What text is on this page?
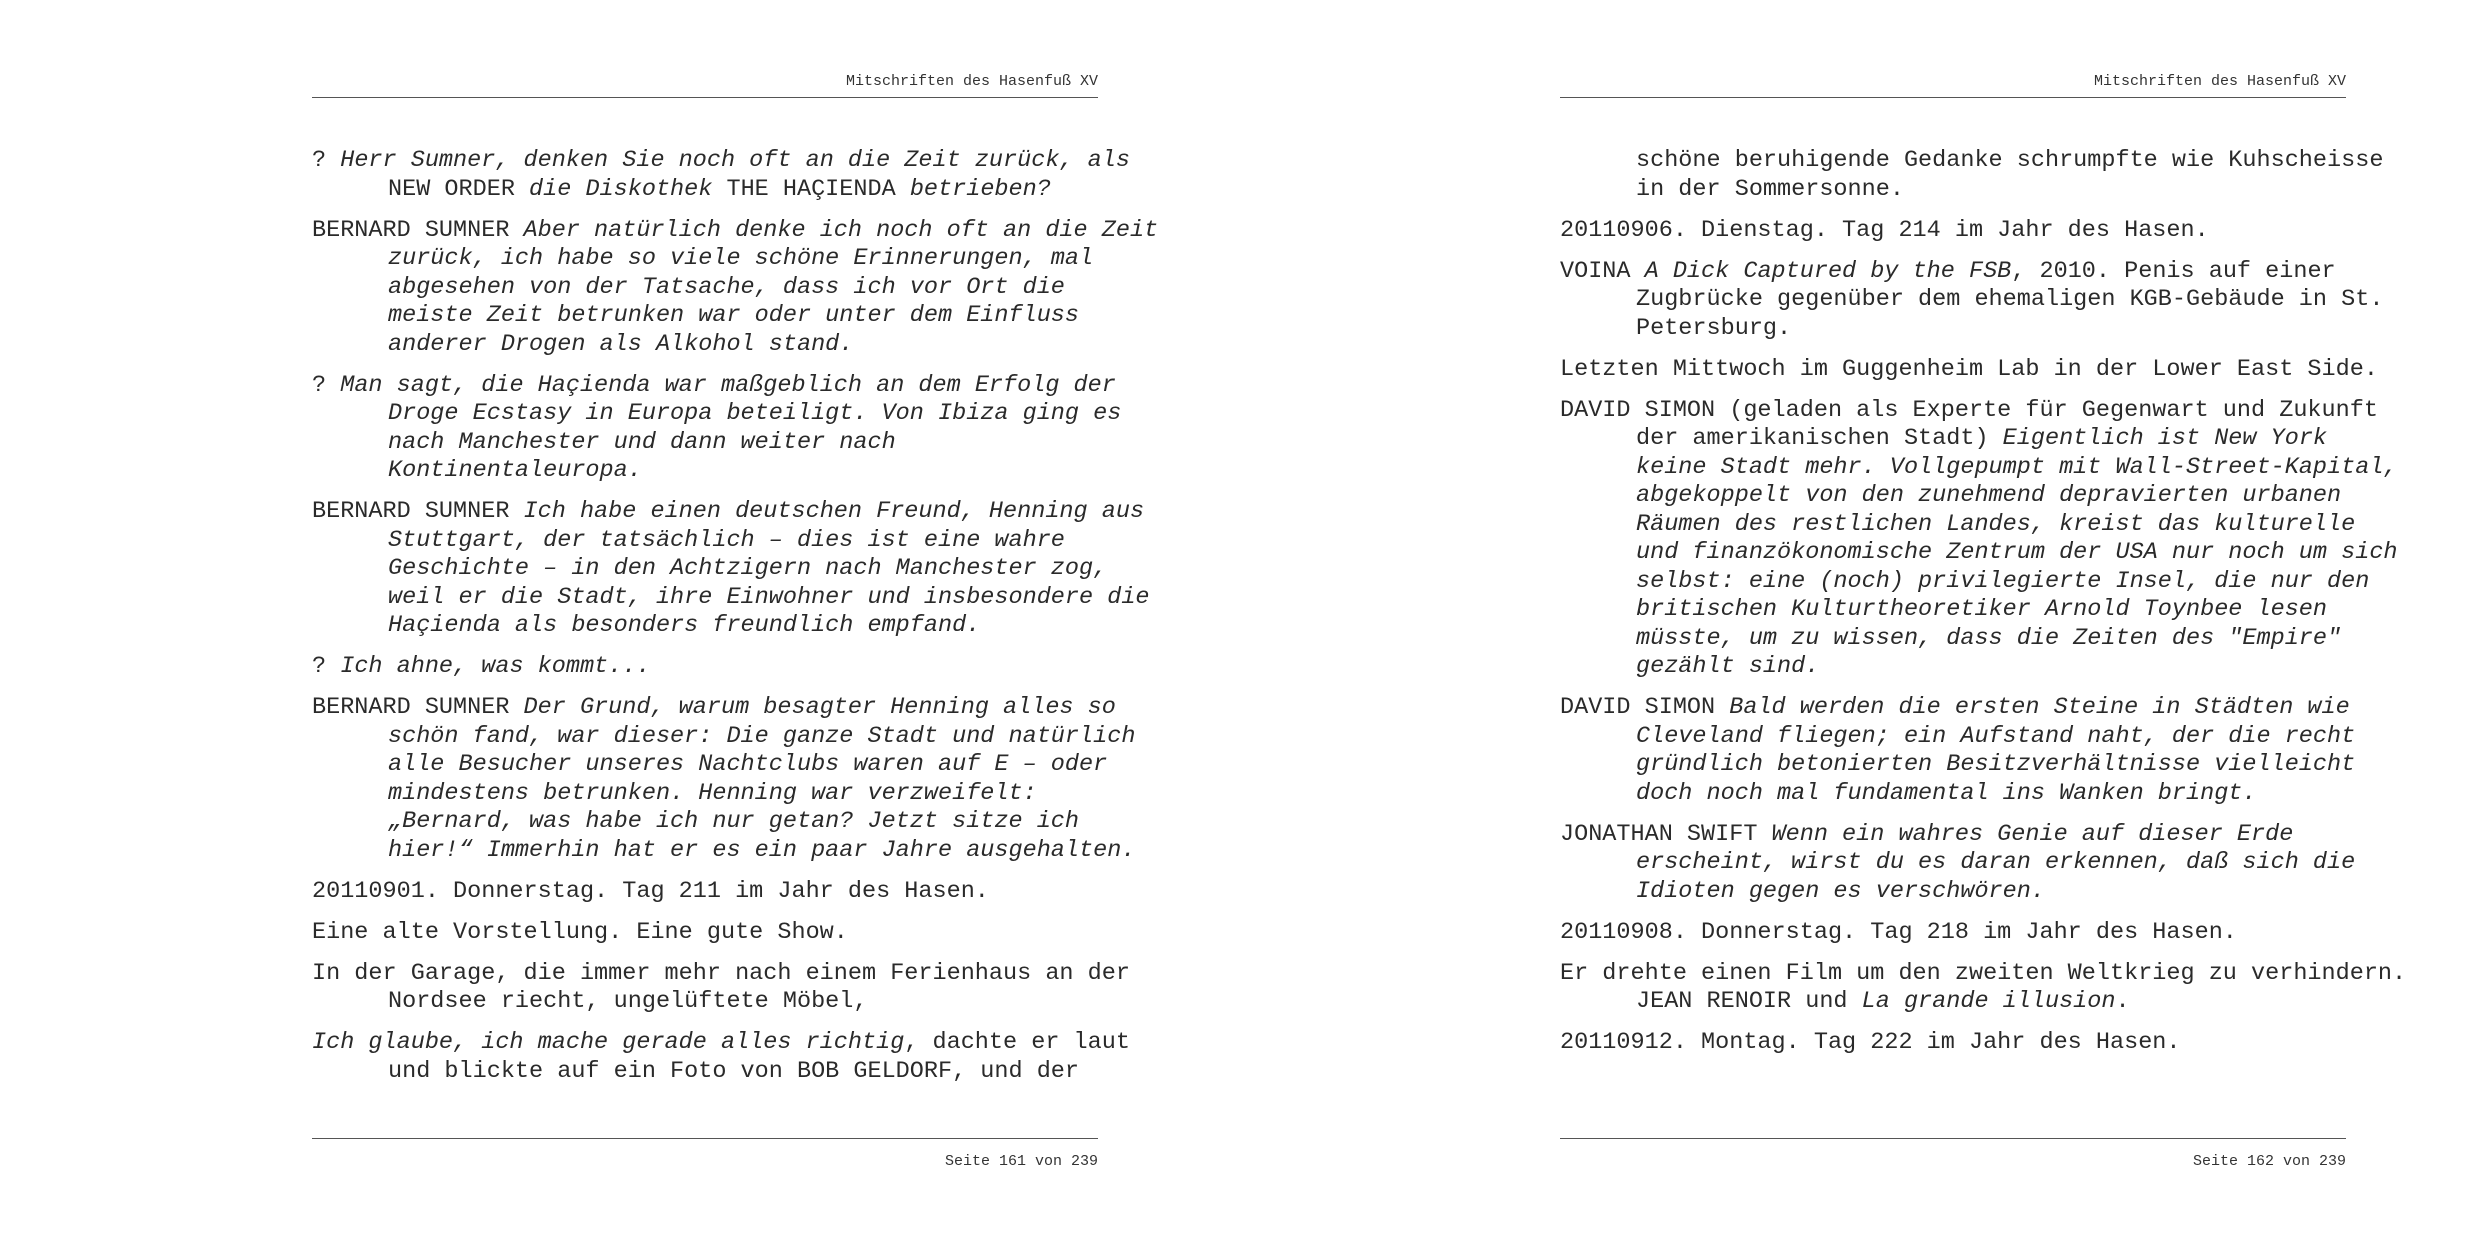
Mitschriften des Hasenfuß XV
? Herr Sumner, denken Sie noch oft an die Zeit zurück, als
NEW ORDER die Diskothek THE HAÇIENDA betrieben?
BERNARD SUMNER Aber natürlich denke ich noch oft an die Zeit
zurück, ich habe so viele schöne Erinnerungen, mal
abgesehen von der Tatsache, dass ich vor Ort die
meiste Zeit betrunken war oder unter dem Einfluss
anderer Drogen als Alkohol stand.
? Man sagt, die Haçienda war maßgeblich an dem Erfolg der
Droge Ecstasy in Europa beteiligt. Von Ibiza ging es
nach Manchester und dann weiter nach
Kontinentaleuropa.
BERNARD SUMNER Ich habe einen deutschen Freund, Henning aus
Stuttgart, der tatsächlich – dies ist eine wahre
Geschichte – in den Achtzigern nach Manchester zog,
weil er die Stadt, ihre Einwohner und insbesondere die
Haçienda als besonders freundlich empfand.
? Ich ahne, was kommt...
BERNARD SUMNER Der Grund, warum besagter Henning alles so
schön fand, war dieser: Die ganze Stadt und natürlich
alle Besucher unseres Nachtclubs waren auf E – oder
mindestens betrunken. Henning war verzweifelt:
„Bernard, was habe ich nur getan? Jetzt sitze ich
hier!“ Immerhin hat er es ein paar Jahre ausgehalten.
20110901. Donnerstag. Tag 211 im Jahr des Hasen.
Eine alte Vorstellung. Eine gute Show.
In der Garage, die immer mehr nach einem Ferienhaus an der
Nordsee riecht, ungelüftete Möbel,
Ich glaube, ich mache gerade alles richtig, dachte er laut
und blickte auf ein Foto von BOB GELDORF, und der
Seite 161 von 239
Mitschriften des Hasenfuß XV
schöne beruhigende Gedanke schrumpfte wie Kuhscheisse
in der Sommersonne.
20110906. Dienstag. Tag 214 im Jahr des Hasen.
VOINA A Dick Captured by the FSB, 2010. Penis auf einer
Zugbrücke gegenüber dem ehemaligen KGB-Gebäude in St.
Petersburg.
Letzten Mittwoch im Guggenheim Lab in der Lower East Side.
DAVID SIMON (geladen als Experte für Gegenwart und Zukunft
der amerikanischen Stadt) Eigentlich ist New York
keine Stadt mehr. Vollgepumpt mit Wall-Street-Kapital,
abgekoppelt von den zunehmend depravierten urbanen
Räumen des restlichen Landes, kreist das kulturelle
und finanzökonomische Zentrum der USA nur noch um sich
selbst: eine (noch) privilegierte Insel, die nur den
britischen Kulturtheoretiker Arnold Toynbee lesen
müsste, um zu wissen, dass die Zeiten des "Empire"
gezählt sind.
DAVID SIMON Bald werden die ersten Steine in Städten wie
Cleveland fliegen; ein Aufstand naht, der die recht
gründlich betonierten Besitzverhältnisse vielleicht
doch noch mal fundamental ins Wanken bringt.
JONATHAN SWIFT Wenn ein wahres Genie auf dieser Erde
erscheint, wirst du es daran erkennen, daß sich die
Idioten gegen es verschwören.
20110908. Donnerstag. Tag 218 im Jahr des Hasen.
Er drehte einen Film um den zweiten Weltkrieg zu verhindern.
JEAN RENOIR und La grande illusion.
20110912. Montag. Tag 222 im Jahr des Hasen.
Seite 162 von 239
